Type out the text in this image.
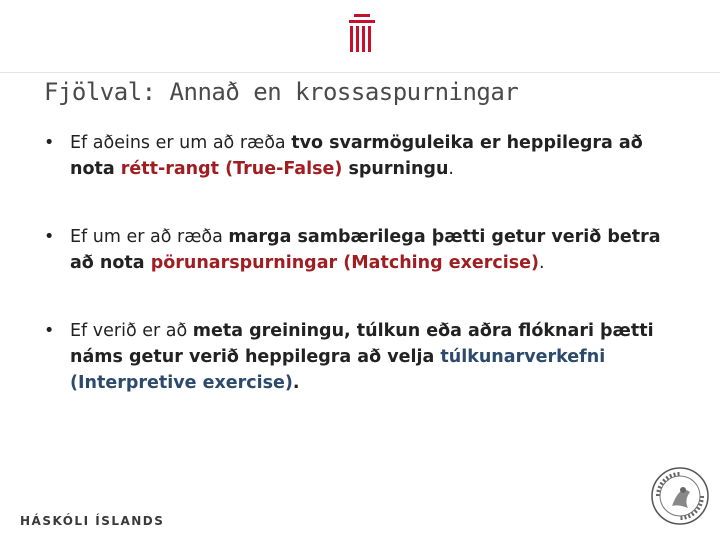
Fjölval: Annað en krossaspurningar
• Ef aðeins er um að ræða tvo svarmöguleika er heppilegra að nota rétt-rangt (True-False) spurningu.
• Ef um er að ræða marga sambærilega þætti getur verið betra að nota pörunarspurningar (Matching exercise).
• Ef verið er að meta greiningu, túlkun eða aðra flóknari þætti náms getur verið heppilegra að velja túlkunarverkefni (Interpretive exercise).
HÁSKÓLI ÍSLANDS
